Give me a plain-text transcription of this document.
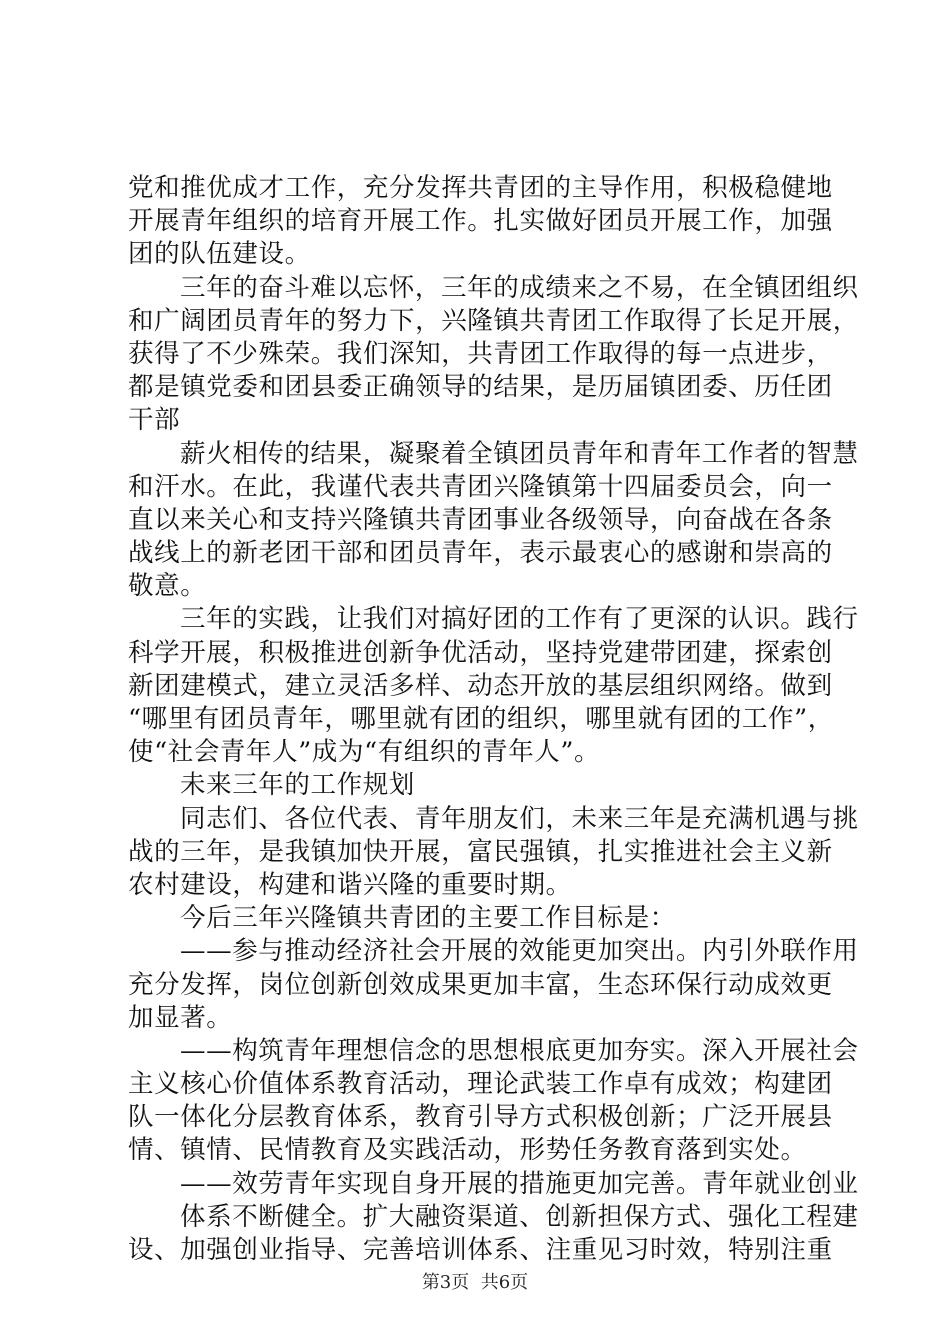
党和推优成才工作，充分发挥共青团的主导作用，积极稳健地
开展青年组织的培育开展工作。扎实做好团员开展工作，加强
团的队伍建设。
三年的奋斗难以忘怀，三年的成绩来之不易，在全镇团组织
和广阔团员青年的努力下，兴隆镇共青团工作取得了长足开展，
获得了不少殊荣。我们深知，共青团工作取得的每一点进步，
都是镇党委和团县委正确领导的结果，是历届镇团委、历任团
干部
薪火相传的结果，凝聚着全镇团员青年和青年工作者的智慧
和汗水。在此，我谨代表共青团兴隆镇第十四届委员会，向一
直以来关心和支持兴隆镇共青团事业各级领导，向奋战在各条
战线上的新老团干部和团员青年，表示最衷心的感谢和崇高的
敬意。
三年的实践，让我们对搞好团的工作有了更深的认识。践行
科学开展，积极推进创新争优活动，坚持党建带团建，探索创
新团建模式，建立灵活多样、动态开放的基层组织网络。做到
“哪里有团员青年，哪里就有团的组织，哪里就有团的工作”，
使“社会青年人”成为“有组织的青年人”。
未来三年的工作规划
同志们、各位代表、青年朋友们，未来三年是充满机遇与挑
战的三年，是我镇加快开展，富民强镇，扎实推进社会主义新
农村建设，构建和谐兴隆的重要时期。
今后三年兴隆镇共青团的主要工作目标是：
——参与推动经济社会开展的效能更加突出。内引外联作用
充分发挥，岗位创新创效成果更加丰富，生态环保行动成效更
加显著。
——构筑青年理想信念的思想根底更加夯实。深入开展社会
主义核心价值体系教育活动，理论武装工作卓有成效；构建团
队一体化分层教育体系，教育引导方式积极创新；广泛开展县
情、镇情、民情教育及实践活动，形势任务教育落到实处。
——效劳青年实现自身开展的措施更加完善。青年就业创业
体系不断健全。扩大融资渠道、创新担保方式、强化工程建
设、加强创业指导、完善培训体系、注重见习时效，特别注重
第3页 共6页
